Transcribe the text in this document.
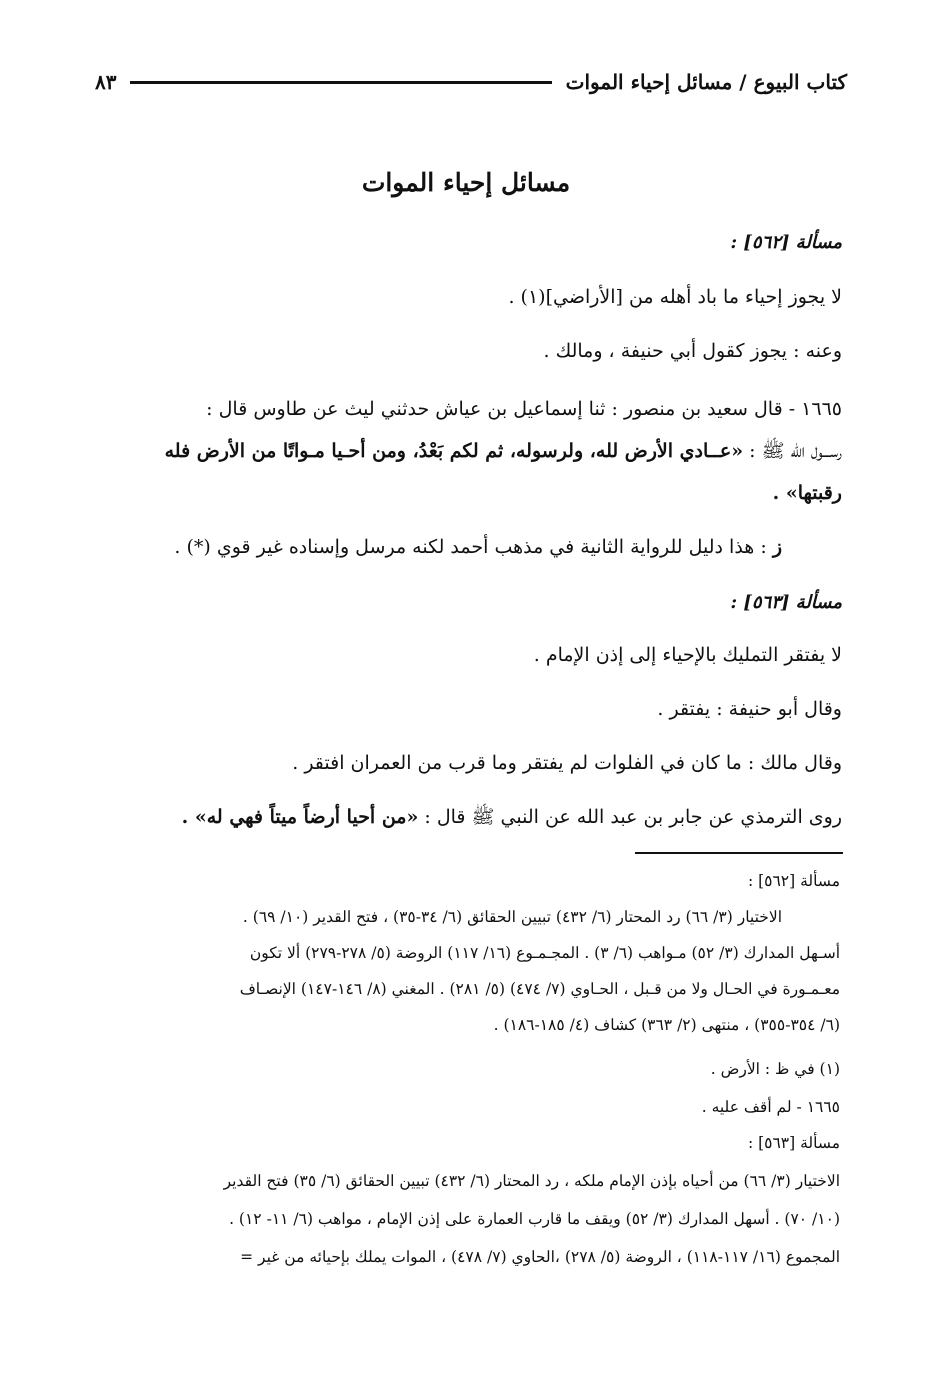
كتاب البيوع / مسائل إحياء الموات
٨٣
مسائل إحياء الموات
مسألة [٥٦٢] :
لا يجوز إحياء ما باد أهله من [الأراضي](١) .
وعنه : يجوز كقول أبي حنيفة ، ومالك .
١٦٦٥ - قال سعيد بن منصور : ثنا إسماعيل بن عياش حدثني ليث عن طاوس قال :
رســـول الله ﷺ : «عــادي الأرض لله، ولرسوله، ثم لكم بَعْدُ، ومن أحـيا مـواتًا من الأرض فله
رقبتها» .
ز : هذا دليل للرواية الثانية في مذهب أحمد لكنه مرسل وإسناده غير قوي (*) .
مسألة [٥٦٣] :
لا يفتقر التمليك بالإحياء إلى إذن الإمام .
وقال أبو حنيفة : يفتقر .
وقال مالك : ما كان في الفلوات لم يفتقر وما قرب من العمران افتقر .
روى الترمذي عن جابر بن عبد الله عن النبي ﷺ قال : «من أحيا أرضاً ميتاً فهي له» .
مسألة [٥٦٢] :
الاختيار (٣/ ٦٦) رد المحتار (٦/ ٤٣٢) تبيين الحقائق (٦/ ٣٤-٣٥) ، فتح القدير (١٠/ ٦٩) .
أسـهل المدارك (٣/ ٥٢) مـواهب (٦/ ٣) . المجـمـوع (١٦/ ١١٧) الروضة (٥/ ٢٧٨-٢٧٩) ألا تكون
معـمـورة في الحـال ولا من قـبل ، الحـاوي (٧/ ٤٧٤) (٥/ ٢٨١) . المغني (٨/ ١٤٦-١٤٧) الإنصـاف
(٦/ ٣٥٤-٣٥٥) ، منتهى (٢/ ٣٦٣) كشاف (٤/ ١٨٥-١٨٦) .
(١) في ظ : الأرض .
١٦٦٥ - لم أقف عليه .
مسألة [٥٦٣] :
الاختيار (٣/ ٦٦) من أحياه بإذن الإمام ملكه ، رد المحتار (٦/ ٤٣٢) تبيين الحقائق (٦/ ٣٥) فتح القدير
(١٠/ ٧٠) . أسهل المدارك (٣/ ٥٢) ويقف ما قارب العمارة على إذن الإمام ، مواهب (٦/ ١١- ١٢) .
المجموع (١٦/ ١١٧-١١٨) ، الروضة (٥/ ٢٧٨) ،الحاوي (٧/ ٤٧٨) ، الموات يملك بإحيائه من غير =
